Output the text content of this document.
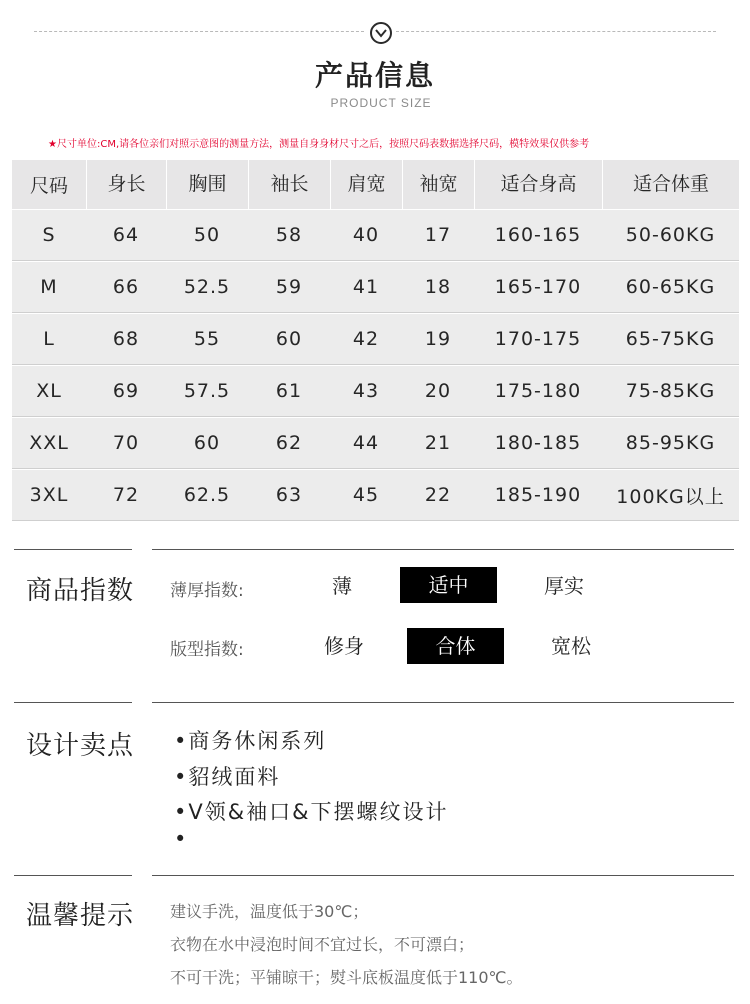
产品信息
PRODUCT SIZE
★尺寸单位:CM,请各位亲们对照示意图的测量方法，测量自身身材尺寸之后，按照尺码表数据选择尺码，模特效果仅供参考
尺码	身长	胸围	袖长	肩宽	袖宽	适合身高	适合体重
S	64	50	58	40	17	160-165	50-60KG
M	66	52.5	59	41	18	165-170	60-65KG
L	68	55	60	42	19	170-175	65-75KG
XL	69	57.5	61	43	20	175-180	75-85KG
XXL	70	60	62	44	21	180-185	85-95KG
3XL	72	62.5	63	45	22	185-190	100KG以上
商品指数 薄厚指数:	薄	适中	厚实
版型指数:	修身	合体	宽松
设计卖点 •商务休闲系列
•貂绒面料
•V领&袖口&下摆螺纹设计
•
温馨提示 建议手洗，温度低于30℃；
衣物在水中浸泡时间不宜过长，不可漂白；
不可干洗；平铺晾干；熨斗底板温度低于110℃。
